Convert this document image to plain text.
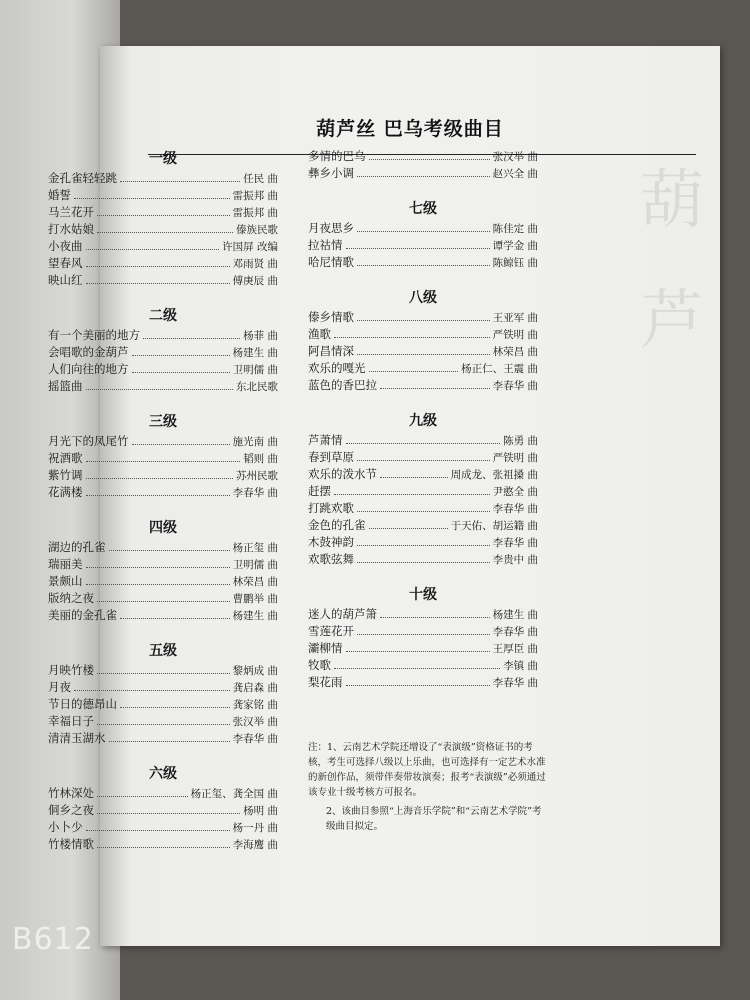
葫芦
葫芦丝 巴乌考级曲目
一级
金孔雀轻轻跳	任民 曲
婚誓	雷振邦 曲
马兰花开	雷振邦 曲
打水姑娘	傣族民歌
小夜曲	许国屏 改编
望春风	邓雨贤 曲
映山红	傅庚辰 曲
二级
有一个美丽的地方	杨菲 曲
会唱歌的金葫芦	杨建生 曲
人们向往的地方	卫明儒 曲
摇篮曲	东北民歌
三级
月光下的凤尾竹	施光南 曲
祝酒歌	韬则 曲
紫竹调	苏州民歌
花满楼	李春华 曲
四级
湖边的孔雀	杨正玺 曲
瑞丽美	卫明儒 曲
景颇山	林荣昌 曲
版纳之夜	曹鹏举 曲
美丽的金孔雀	杨建生 曲
五级
月映竹楼	黎炳成 曲
月夜	龚启森 曲
节日的德昂山	龚家铭 曲
幸福日子	张汉举 曲
清清玉湖水	李春华 曲
六级
竹林深处	杨正玺、龚全国 曲
侗乡之夜	杨明 曲
小卜少	杨一丹 曲
竹楼情歌	李海鹰 曲
多情的巴乌	张汉举 曲
彝乡小调	赵兴全 曲
七级
月夜思乡	陈佳定 曲
拉祜情	谭学金 曲
哈尼情歌	陈鲸钰 曲
八级
傣乡情歌	王亚军 曲
渔歌	严铁明 曲
阿昌情深	林荣昌 曲
欢乐的嘎光	杨正仁、王震 曲
蓝色的香巴拉	李春华 曲
九级
芦萧情	陈勇 曲
春到草原	严铁明 曲
欢乐的泼水节	周成龙、张祖搡 曲
赶摆	尹憨全 曲
打跳欢歌	李春华 曲
金色的孔雀	于天佑、胡运籍 曲
木鼓神韵	李春华 曲
欢歌弦舞	李贵中 曲
十级
迷人的葫芦箫	杨建生 曲
雪莲花开	李春华 曲
灞柳情	王厚臣 曲
牧歌	李镇 曲
梨花雨	李春华 曲

注：1、云南艺术学院还增设了“表演级”资格证书的考核，考生可选择八级以上乐曲，也可选择有一定艺术水准的新创作品，须带伴奏带妆演奏；报考“表演级”必须通过该专业十级考核方可报名。

2、该曲目参照“上海音乐学院”和“云南艺术学院”考级曲目拟定。

B612
